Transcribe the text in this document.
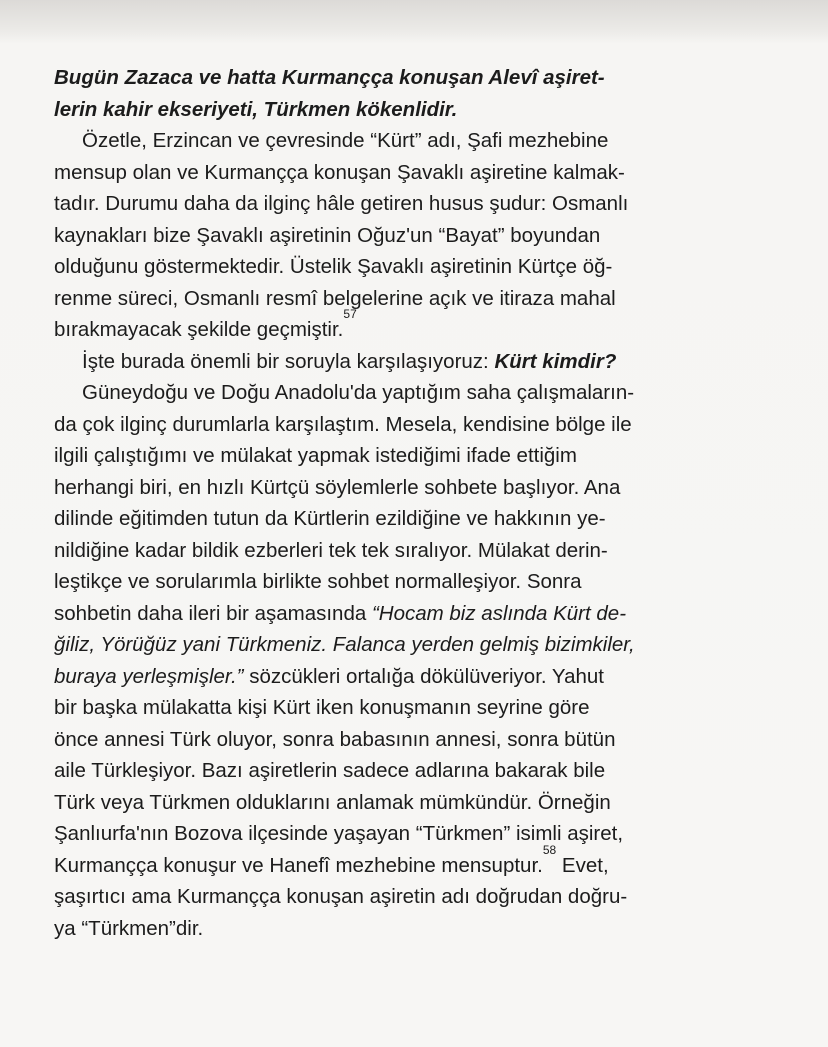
Bugün Zazaca ve hatta Kurmançça konuşan Alevî aşiret-
lerin kahir ekseriyeti, Türkmen kökenlidir.
Özetle, Erzincan ve çevresinde “Kürt” adı, Şafi mezhebine
mensup olan ve Kurmançça konuşan Şavaklı aşiretine kalmak-
tadır. Durumu daha da ilginç hâle getiren husus şudur: Osmanlı
kaynakları bize Şavaklı aşiretinin Oğuz'un “Bayat” boyundan
olduğunu göstermektedir. Üstelik Şavaklı aşiretinin Kürtçe öğ-
renme süreci, Osmanlı resmî belgelerine açık ve itiraza mahal
bırakmayacak şekilde geçmiştir.
57
İşte burada önemli bir soruyla karşılaşıyoruz:
Kürt kimdir?
Güneydoğu ve Doğu Anadolu'da yaptığım saha çalışmaların-
da çok ilginç durumlarla karşılaştım. Mesela, kendisine bölge ile
ilgili çalıştığımı ve mülakat yapmak istediğimi ifade ettiğim
herhangi biri, en hızlı Kürtçü söylemlerle sohbete başlıyor. Ana
dilinde eğitimden tutun da Kürtlerin ezildiğine ve hakkının ye-
nildiğine kadar bildik ezberleri tek tek sıralıyor. Mülakat derin-
leştikçe ve sorularımla birlikte sohbet normalleşiyor. Sonra
sohbetin daha ileri bir aşamasında
“Hocam biz aslında Kürt de-
ğiliz, Yörüğüz yani Türkmeniz. Falanca yerden gelmiş bizimkiler,
buraya yerleşmişler.”
sözcükleri ortalığa dökülüveriyor. Yahut
bir başka mülakatta kişi Kürt iken konuşmanın seyrine göre
önce annesi Türk oluyor, sonra babasının annesi, sonra bütün
aile Türkleşiyor. Bazı aşiretlerin sadece adlarına bakarak bile
Türk veya Türkmen olduklarını anlamak mümkündür. Örneğin
Şanlıurfa'nın Bozova ilçesinde yaşayan “Türkmen” isimli aşiret,
Kurmançça konuşur ve Hanefî mezhebine mensuptur.
58

Evet,
şaşırtıcı ama Kurmançça konuşan aşiretin adı doğrudan doğru-
ya “Türkmen”dir.
